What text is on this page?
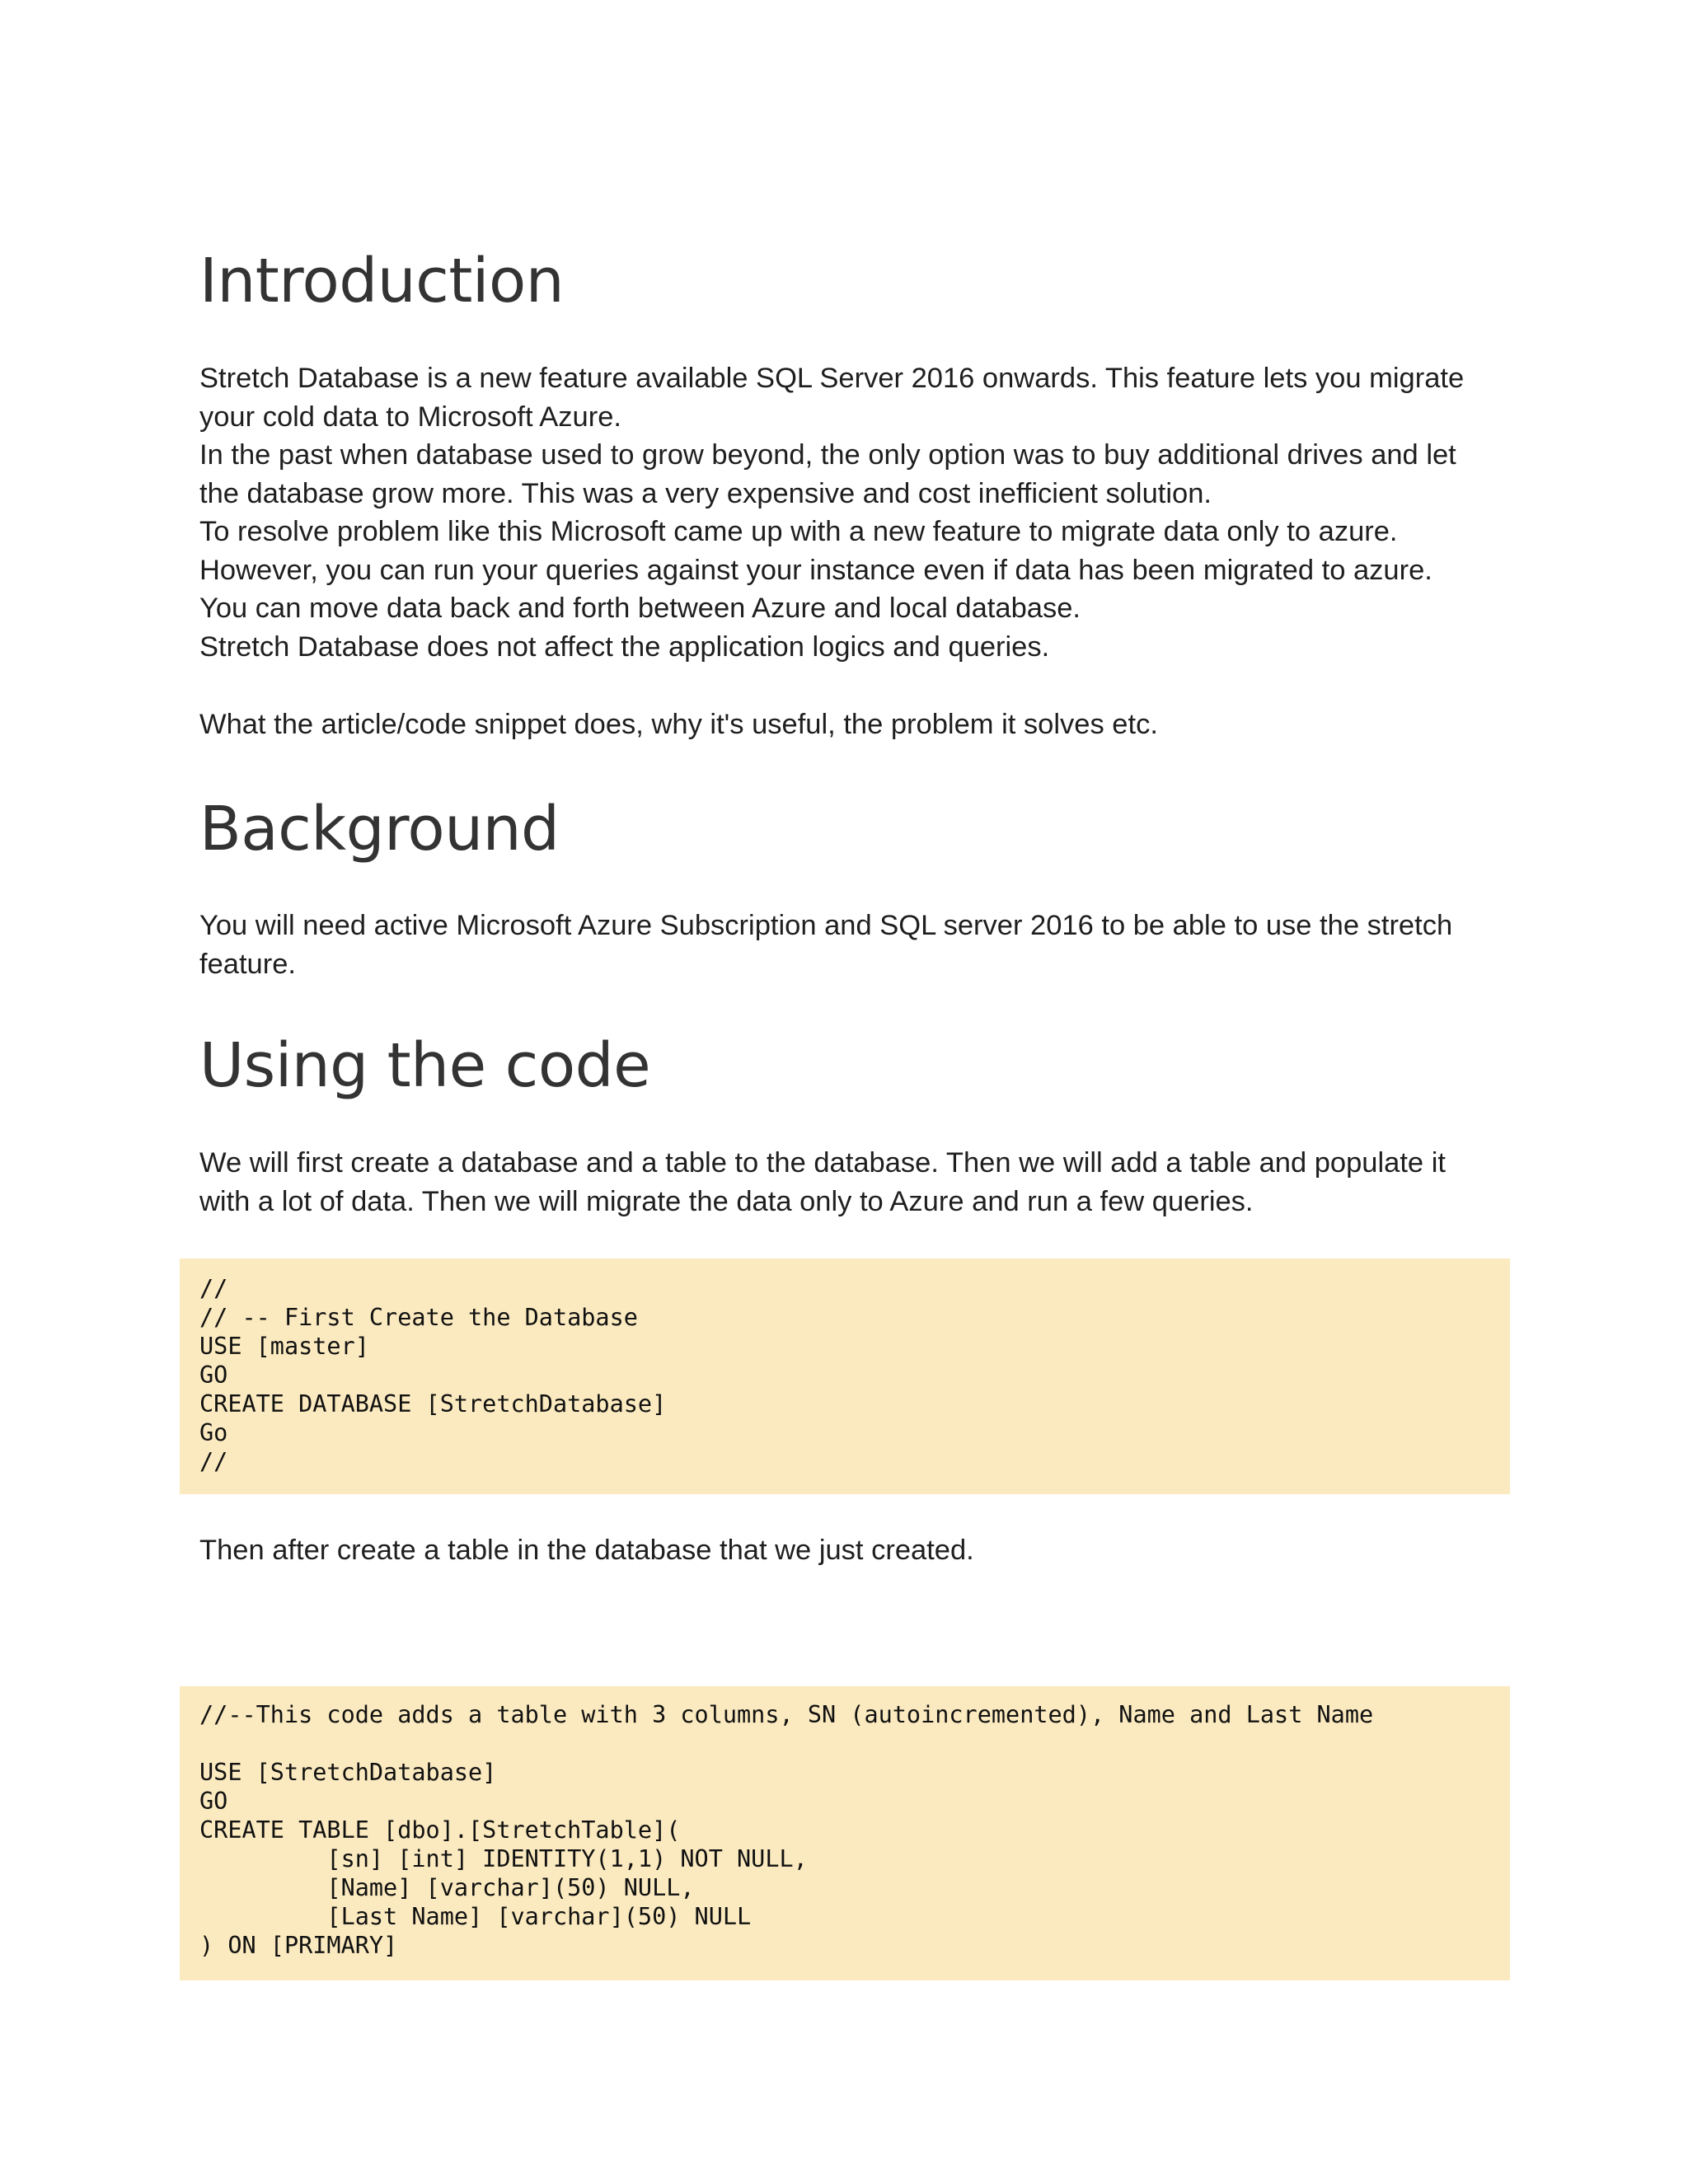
Introduction
Stretch Database is a new feature available SQL Server 2016 onwards. This feature lets you migrate
your cold data to Microsoft Azure.
In the past when database used to grow beyond, the only option was to buy additional drives and let
the database grow more. This was a very expensive and cost inefficient solution.
To resolve problem like this Microsoft came up with a new feature to migrate data only to azure.
However, you can run your queries against your instance even if data has been migrated to azure.
You can move data back and forth between Azure and local database.
Stretch Database does not affect the application logics and queries.

What the article/code snippet does, why it's useful, the problem it solves etc.

Background
You will need active Microsoft Azure Subscription and SQL server 2016 to be able to use the stretch
feature.
Using the code
We will first create a database and a table to the database. Then we will add a table and populate it
with a lot of data. Then we will migrate the data only to Azure and run a few queries.
//
// -- First Create the Database
USE [master]
GO
CREATE DATABASE [StretchDatabase]
Go
//

Then after create a table in the database that we just created.

//--This code adds a table with 3 columns, SN (autoincremented), Name and Last Name
USE [StretchDatabase]
GO
CREATE TABLE [dbo].[StretchTable](
[sn] [int] IDENTITY(1,1) NOT NULL,
[Name] [varchar](50) NULL,
[Last Name] [varchar](50) NULL
) ON [PRIMARY]
